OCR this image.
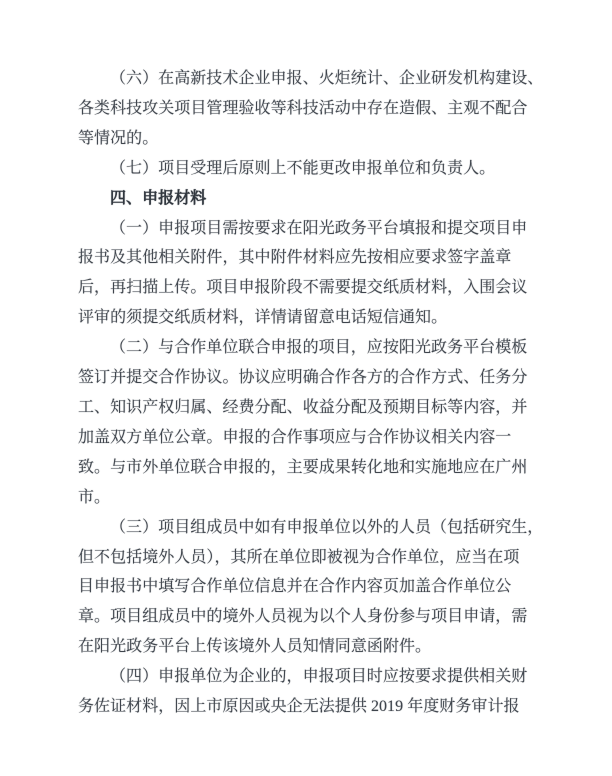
（六）在高新技术企业申报、火炬统计、企业研发机构建设、

各类科技攻关项目管理验收等科技活动中存在造假、主观不配合

等情况的。

（七）项目受理后原则上不能更改申报单位和负责人。

四、申报材料

（一）申报项目需按要求在阳光政务平台填报和提交项目申

报书及其他相关附件，其中附件材料应先按相应要求签字盖章

后，再扫描上传。项目申报阶段不需要提交纸质材料，入围会议

评审的须提交纸质材料，详情请留意电话短信通知。

（二）与合作单位联合申报的项目，应按阳光政务平台模板

签订并提交合作协议。协议应明确合作各方的合作方式、任务分

工、知识产权归属、经费分配、收益分配及预期目标等内容，并

加盖双方单位公章。申报的合作事项应与合作协议相关内容一

致。与市外单位联合申报的，主要成果转化地和实施地应在广州

市。

（三）项目组成员中如有申报单位以外的人员（包括研究生，

但不包括境外人员），其所在单位即被视为合作单位，应当在项

目申报书中填写合作单位信息并在合作内容页加盖合作单位公

章。项目组成员中的境外人员视为以个人身份参与项目申请，需

在阳光政务平台上传该境外人员知情同意函附件。

（四）申报单位为企业的，申报项目时应按要求提供相关财

务佐证材料，因上市原因或央企无法提供 2019 年度财务审计报
